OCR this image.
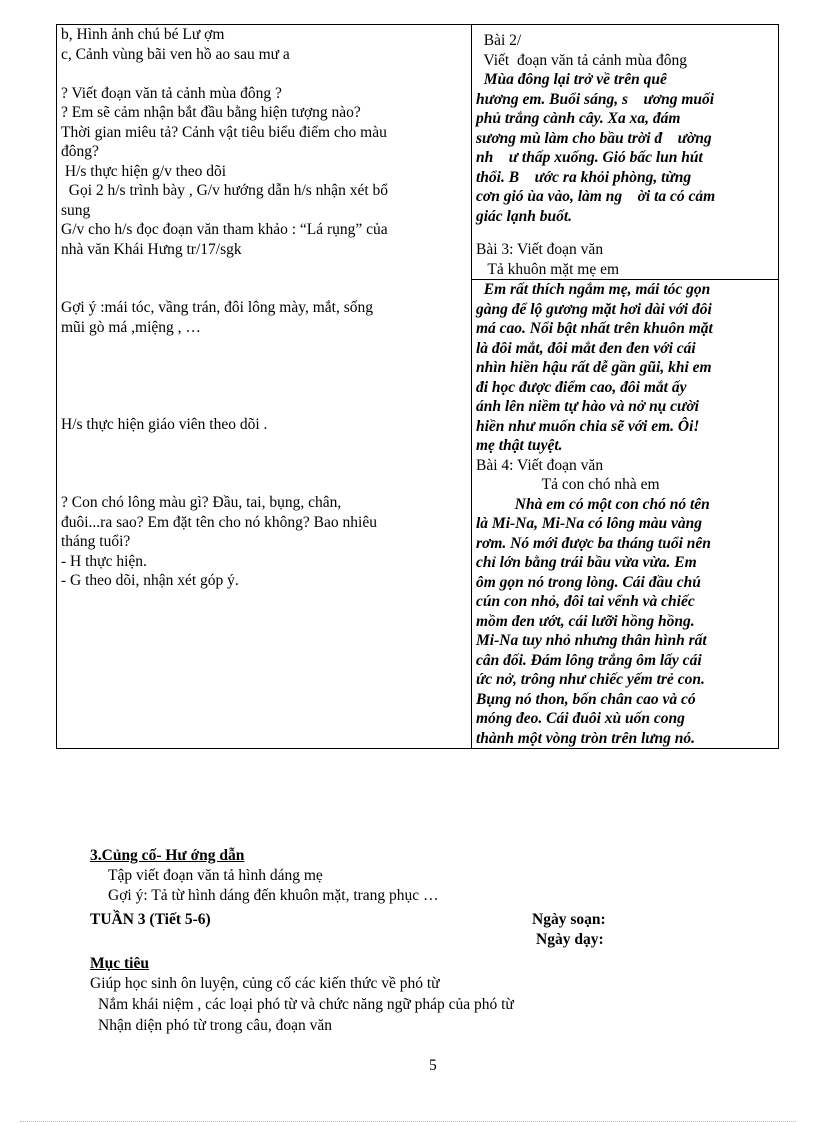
b, Hình ảnh chú bé Lư ợm
c, Cảnh vùng bãi ven hồ ao sau mư a
? Viết đoạn văn tả cảnh mùa đông ?
? Em sẽ cảm nhận bắt đầu bằng hiện tượng nào?
Thời gian miêu tả? Cảnh vật tiêu biểu điểm cho màu
đông?
H/s thực hiện g/v theo dõi
Gọi 2 h/s trình bày , G/v hướng dẫn h/s nhận xét bổ
sung
G/v cho h/s đọc đoạn văn tham khảo : “Lá rụng” của
nhà văn Khái Hưng tr/17/sgk
Gợi ý :mái tóc, vầng trán, đôi lông mày, mắt, sống
mũi gò má ,miệng , …
H/s thực hiện giáo viên theo dõi .
? Con chó lông màu gì? Đầu, tai, bụng, chân,
đuôi...ra sao? Em đặt tên cho nó không? Bao nhiêu
tháng tuổi?
- H thực hiện.
- G theo dõi, nhận xét góp ý.

Bài 2/
Viết  đoạn văn tả cảnh mùa đông
Mùa đông lại trở về trên quê
hương em. Buổi sáng, s    ương muối
phủ trắng cành cây. Xa xa, đám
sương mù làm cho bầu trời đ    ường
nh    ư thấp xuống. Gió bấc lun hút
thổi. B    ước ra khỏi phòng, từng
cơn gió ùa vào, làm ng    ời ta có cảm
giác lạnh buốt.
Bài 3: Viết đoạn văn
Tả khuôn mặt mẹ em
Em rất thích ngắm mẹ, mái tóc gọn
gàng để lộ gương mặt hơi dài với đôi
má cao. Nổi bật nhất trên khuôn mặt
là đôi mắt, đôi mắt đen đen với cái
nhìn hiền hậu rất dễ gần gũi, khi em
đi học được điểm cao, đôi mắt ấy
ánh lên niềm tự hào và nở nụ cười
hiền như muốn chia sẽ với em. Ôi!
mẹ thật tuyệt.
Bài 4: Viết đoạn văn
Tả con chó nhà em
Nhà em có một con chó nó tên
là Mi-Na, Mi-Na có lông màu vàng
rơm. Nó mới được ba tháng tuổi nên
chỉ lớn bằng trái bầu vừa vừa. Em
ôm gọn nó trong lòng. Cái đầu chú
cún con nhỏ, đôi tai vểnh và chiếc
mồm đen ướt, cái lưỡi hồng hồng.
Mi-Na tuy nhỏ nhưng thân hình rất
cân đối. Đám lông trắng ôm lấy cái
ức nở, trông như chiếc yếm trẻ con.
Bụng nó thon, bốn chân cao và có
móng đeo. Cái đuôi xù uốn cong
thành một vòng tròn trên lưng nó.
3.Củng cố- Hư ớng dẫn
Tập viết đoạn văn tả hình dáng mẹ
Gợi ý: Tả từ hình dáng đến khuôn mặt, trang phục …
TUẦN 3 (Tiết 5-6)	Ngày soạn:
Ngày dạy:
Mục tiêu
Giúp học sinh ôn luyện, củng cố các kiến thức về phó từ
Nắm khái niệm , các loại phó từ và chức năng ngữ pháp của phó từ
Nhận diện phó từ trong câu, đoạn văn
5
